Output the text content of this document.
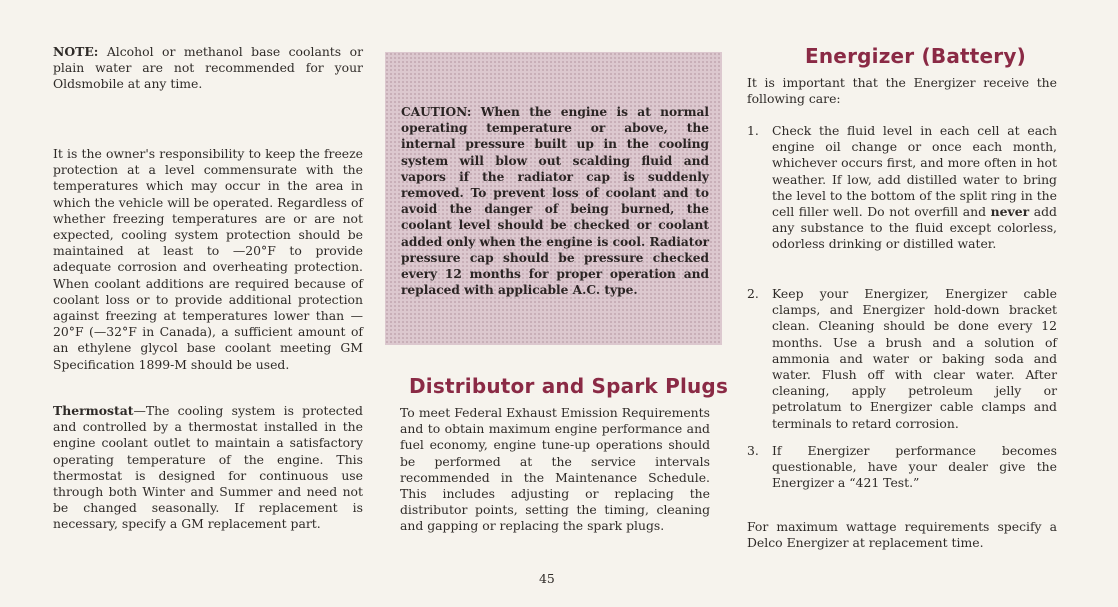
NOTE: Alcohol or methanol base coolants or plain water are not recommended for your Oldsmobile at any time.

It is the owner's responsibility to keep the freeze protection at a level commensurate with the temperatures which may occur in the area in which the vehicle will be operated. Regardless of whether freezing temperatures are or are not expected, cooling system protection should be maintained at least to —20°F to provide adequate corrosion and overheating protection. When coolant additions are required because of coolant loss or to provide additional protection against freezing at temperatures lower than —20°F (—32°F in Canada), a sufficient amount of an ethylene glycol base coolant meeting GM Specification 1899-M should be used.

Thermostat—The cooling system is protected and controlled by a thermostat installed in the engine coolant outlet to maintain a satisfactory operating temperature of the engine. This thermostat is designed for continuous use through both Winter and Summer and need not be changed seasonally. If replacement is necessary, specify a GM replacement part.

CAUTION: When the engine is at normal operating temperature or above, the internal pressure built up in the cooling system will blow out scalding fluid and vapors if the radiator cap is suddenly removed. To prevent loss of coolant and to avoid the danger of being burned, the coolant level should be checked or coolant added only when the engine is cool. Radiator pressure cap should be pressure checked every 12 months for proper operation and replaced with applicable A.C. type.

Distributor and Spark Plugs

To meet Federal Exhaust Emission Requirements and to obtain maximum engine performance and fuel economy, engine tune-up operations should be performed at the service intervals recommended in the Maintenance Schedule. This includes adjusting or replacing the distributor points, setting the timing, cleaning and gapping or replacing the spark plugs.

Energizer (Battery)

It is important that the Energizer receive the following care:

1. Check the fluid level in each cell at each engine oil change or once each month, whichever occurs first, and more often in hot weather. If low, add distilled water to bring the level to the bottom of the split ring in the cell filler well. Do not overfill and never add any substance to the fluid except colorless, odorless drinking or distilled water.

2. Keep your Energizer, Energizer cable clamps, and Energizer hold-down bracket clean. Cleaning should be done every 12 months. Use a brush and a solution of ammonia and water or baking soda and water. Flush off with clear water. After cleaning, apply petroleum jelly or petrolatum to Energizer cable clamps and terminals to retard corrosion.

3. If Energizer performance becomes questionable, have your dealer give the Energizer a “421 Test.”

For maximum wattage requirements specify a Delco Energizer at replacement time.

45
